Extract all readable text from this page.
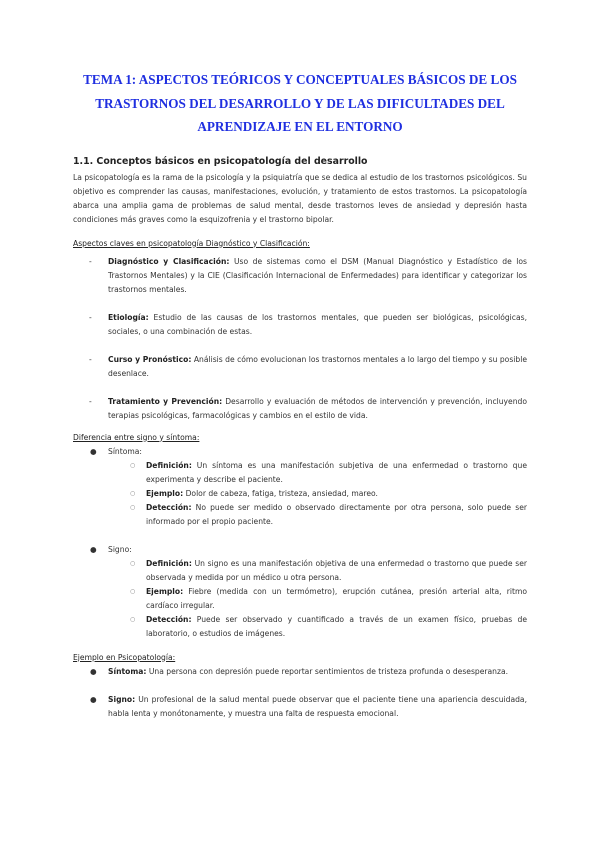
TEMA 1: ASPECTOS TEÓRICOS Y CONCEPTUALES BÁSICOS DE LOS TRASTORNOS DEL DESARROLLO Y DE LAS DIFICULTADES DEL APRENDIZAJE EN EL ENTORNO
1.1. Conceptos básicos en psicopatología del desarrollo

La psicopatología es la rama de la psicología y la psiquiatría que se dedica al estudio de los trastornos psicológicos. Su objetivo es comprender las causas, manifestaciones, evolución, y tratamiento de estos trastornos. La psicopatología abarca una amplia gama de problemas de salud mental, desde trastornos leves de ansiedad y depresión hasta condiciones más graves como la esquizofrenia y el trastorno bipolar.

Aspectos claves en psicopatología Diagnóstico y Clasificación:
-	Diagnóstico y Clasificación: Uso de sistemas como el DSM (Manual Diagnóstico y Estadístico de los Trastornos Mentales) y la CIE (Clasificación Internacional de Enfermedades) para identificar y categorizar los trastornos mentales.
-	Etiología: Estudio de las causas de los trastornos mentales, que pueden ser biológicas, psicológicas, sociales, o una combinación de estas.
-	Curso y Pronóstico: Análisis de cómo evolucionan los trastornos mentales a lo largo del tiempo y su posible desenlace.
-	Tratamiento y Prevención: Desarrollo y evaluación de métodos de intervención y prevención, incluyendo terapias psicológicas, farmacológicas y cambios en el estilo de vida.
Diferencia entre signo y síntoma:
●	Síntoma:
○	Definición: Un síntoma es una manifestación subjetiva de una enfermedad o trastorno que experimenta y describe el paciente.
○	Ejemplo: Dolor de cabeza, fatiga, tristeza, ansiedad, mareo.
○	Detección: No puede ser medido o observado directamente por otra persona, solo puede ser informado por el propio paciente.
●	Signo:
○	Definición: Un signo es una manifestación objetiva de una enfermedad o trastorno que puede ser observada y medida por un médico u otra persona.
○	Ejemplo: Fiebre (medida con un termómetro), erupción cutánea, presión arterial alta, ritmo cardíaco irregular.
○	Detección: Puede ser observado y cuantificado a través de un examen físico, pruebas de laboratorio, o estudios de imágenes.
Ejemplo en Psicopatología:
●	Síntoma: Una persona con depresión puede reportar sentimientos de tristeza profunda o desesperanza.
●	Signo: Un profesional de la salud mental puede observar que el paciente tiene una apariencia descuidada, habla lenta y monótonamente, y muestra una falta de respuesta emocional.
